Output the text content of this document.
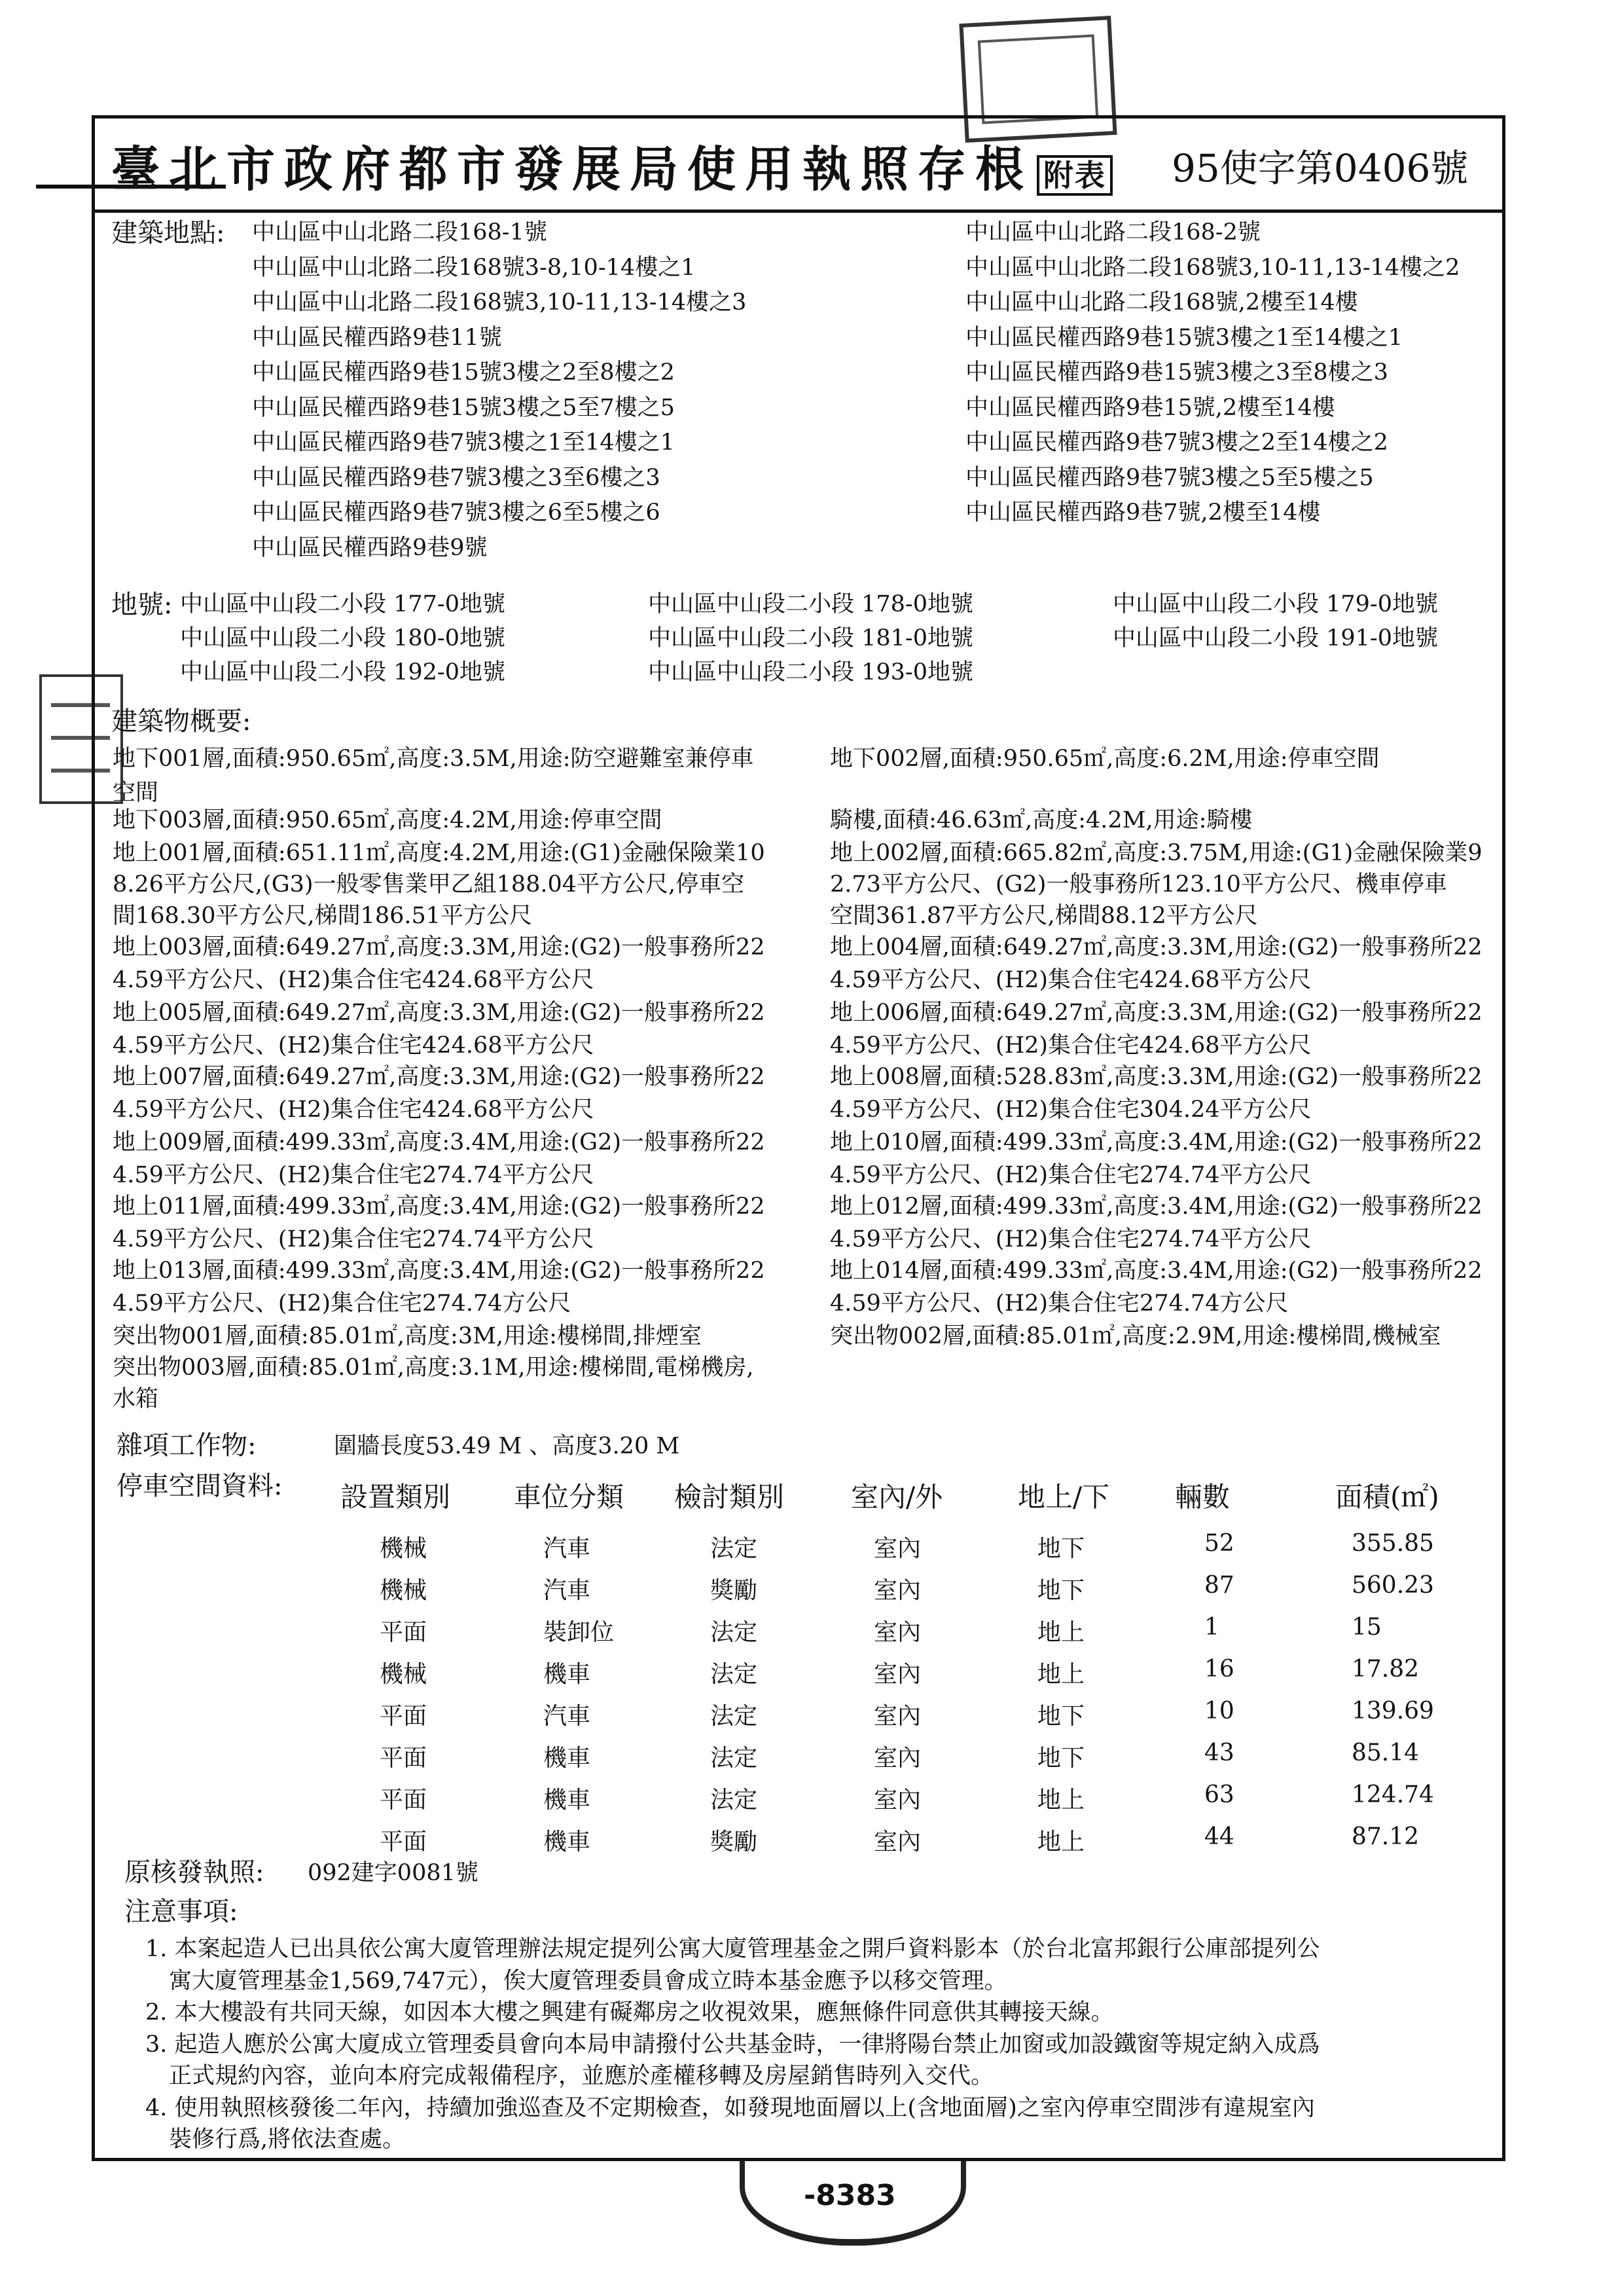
-8383
臺北市政府都市發展局使用執照存根 附表 95使字第0406號
建築地點: 中山區中山北路二段168-1號
中山區中山北路二段168號3-8,10-14樓之1
中山區中山北路二段168號3,10-11,13-14樓之3
中山區民權西路9巷11號
中山區民權西路9巷15號3樓之2至8樓之2
中山區民權西路9巷15號3樓之5至7樓之5
中山區民權西路9巷7號3樓之1至14樓之1
中山區民權西路9巷7號3樓之3至6樓之3
中山區民權西路9巷7號3樓之6至5樓之6
中山區民權西路9巷9號
中山區中山北路二段168-2號
中山區中山北路二段168號3,10-11,13-14樓之2
中山區中山北路二段168號,2樓至14樓
中山區民權西路9巷15號3樓之1至14樓之1
中山區民權西路9巷15號3樓之3至8樓之3
中山區民權西路9巷15號,2樓至14樓
中山區民權西路9巷7號3樓之2至14樓之2
中山區民權西路9巷7號3樓之5至5樓之5
中山區民權西路9巷7號,2樓至14樓
地號: 中山區中山段二小段 177-0地號	中山區中山段二小段 178-0地號	中山區中山段二小段 179-0地號
中山區中山段二小段 180-0地號	中山區中山段二小段 181-0地號	中山區中山段二小段 191-0地號
中山區中山段二小段 192-0地號	中山區中山段二小段 193-0地號
建築物概要:
地下001層,面積:950.65㎡,高度:3.5M,用途:防空避難室兼停車
空間
地下003層,面積:950.65㎡,高度:4.2M,用途:停車空間
地上001層,面積:651.11㎡,高度:4.2M,用途:(G1)金融保險業10
8.26平方公尺,(G3)一般零售業甲乙組188.04平方公尺,停車空
間168.30平方公尺,梯間186.51平方公尺
地上003層,面積:649.27㎡,高度:3.3M,用途:(G2)一般事務所22
4.59平方公尺、(H2)集合住宅424.68平方公尺
地上005層,面積:649.27㎡,高度:3.3M,用途:(G2)一般事務所22
4.59平方公尺、(H2)集合住宅424.68平方公尺
地上007層,面積:649.27㎡,高度:3.3M,用途:(G2)一般事務所22
4.59平方公尺、(H2)集合住宅424.68平方公尺
地上009層,面積:499.33㎡,高度:3.4M,用途:(G2)一般事務所22
4.59平方公尺、(H2)集合住宅274.74平方公尺
地上011層,面積:499.33㎡,高度:3.4M,用途:(G2)一般事務所22
4.59平方公尺、(H2)集合住宅274.74平方公尺
地上013層,面積:499.33㎡,高度:3.4M,用途:(G2)一般事務所22
4.59平方公尺、(H2)集合住宅274.74方公尺
突出物001層,面積:85.01㎡,高度:3M,用途:樓梯間,排煙室
突出物003層,面積:85.01㎡,高度:3.1M,用途:樓梯間,電梯機房,
水箱
地下002層,面積:950.65㎡,高度:6.2M,用途:停車空間
騎樓,面積:46.63㎡,高度:4.2M,用途:騎樓
地上002層,面積:665.82㎡,高度:3.75M,用途:(G1)金融保險業9
2.73平方公尺、(G2)一般事務所123.10平方公尺、機車停車
空間361.87平方公尺,梯間88.12平方公尺
地上004層,面積:649.27㎡,高度:3.3M,用途:(G2)一般事務所22
4.59平方公尺、(H2)集合住宅424.68平方公尺
地上006層,面積:649.27㎡,高度:3.3M,用途:(G2)一般事務所22
4.59平方公尺、(H2)集合住宅424.68平方公尺
地上008層,面積:528.83㎡,高度:3.3M,用途:(G2)一般事務所22
4.59平方公尺、(H2)集合住宅304.24平方公尺
地上010層,面積:499.33㎡,高度:3.4M,用途:(G2)一般事務所22
4.59平方公尺、(H2)集合住宅274.74平方公尺
地上012層,面積:499.33㎡,高度:3.4M,用途:(G2)一般事務所22
4.59平方公尺、(H2)集合住宅274.74平方公尺
地上014層,面積:499.33㎡,高度:3.4M,用途:(G2)一般事務所22
4.59平方公尺、(H2)集合住宅274.74方公尺
突出物002層,面積:85.01㎡,高度:2.9M,用途:樓梯間,機械室
雜項工作物:	圍牆長度53.49 M 、高度3.20 M
停車空間資料: 設置類別 車位分類 檢討類別 室內/外	地上/下 輛數	面積(㎡)
機械	汽車	法定	室內	地下	52	355.85
機械	汽車	獎勵	室內	地下	87	560.23
平面	裝卸位	法定	室內	地上	1	15
機械	機車	法定	室內	地上	16	17.82
平面	汽車	法定	室內	地下	10	139.69
平面	機車	法定	室內	地下	43	85.14
平面	機車	法定	室內	地上	63	124.74
平面	機車	獎勵	室內	地上	44	87.12
原核發執照: 092建字0081號
注意事項:
1. 本案起造人已出具依公寓大廈管理辦法規定提列公寓大廈管理基金之開戶資料影本（於台北富邦銀行公庫部提列公
寓大廈管理基金1,569,747元），俟大廈管理委員會成立時本基金應予以移交管理。
2. 本大樓設有共同天線，如因本大樓之興建有礙鄰房之收視效果，應無條件同意供其轉接天線。
3. 起造人應於公寓大廈成立管理委員會向本局申請撥付公共基金時，一律將陽台禁止加窗或加設鐵窗等規定納入成爲
正式規約內容，並向本府完成報備程序，並應於產權移轉及房屋銷售時列入交代。
4. 使用執照核發後二年內，持續加強巡查及不定期檢查，如發現地面層以上(含地面層)之室內停車空間涉有違規室內
裝修行爲,將依法查處。
